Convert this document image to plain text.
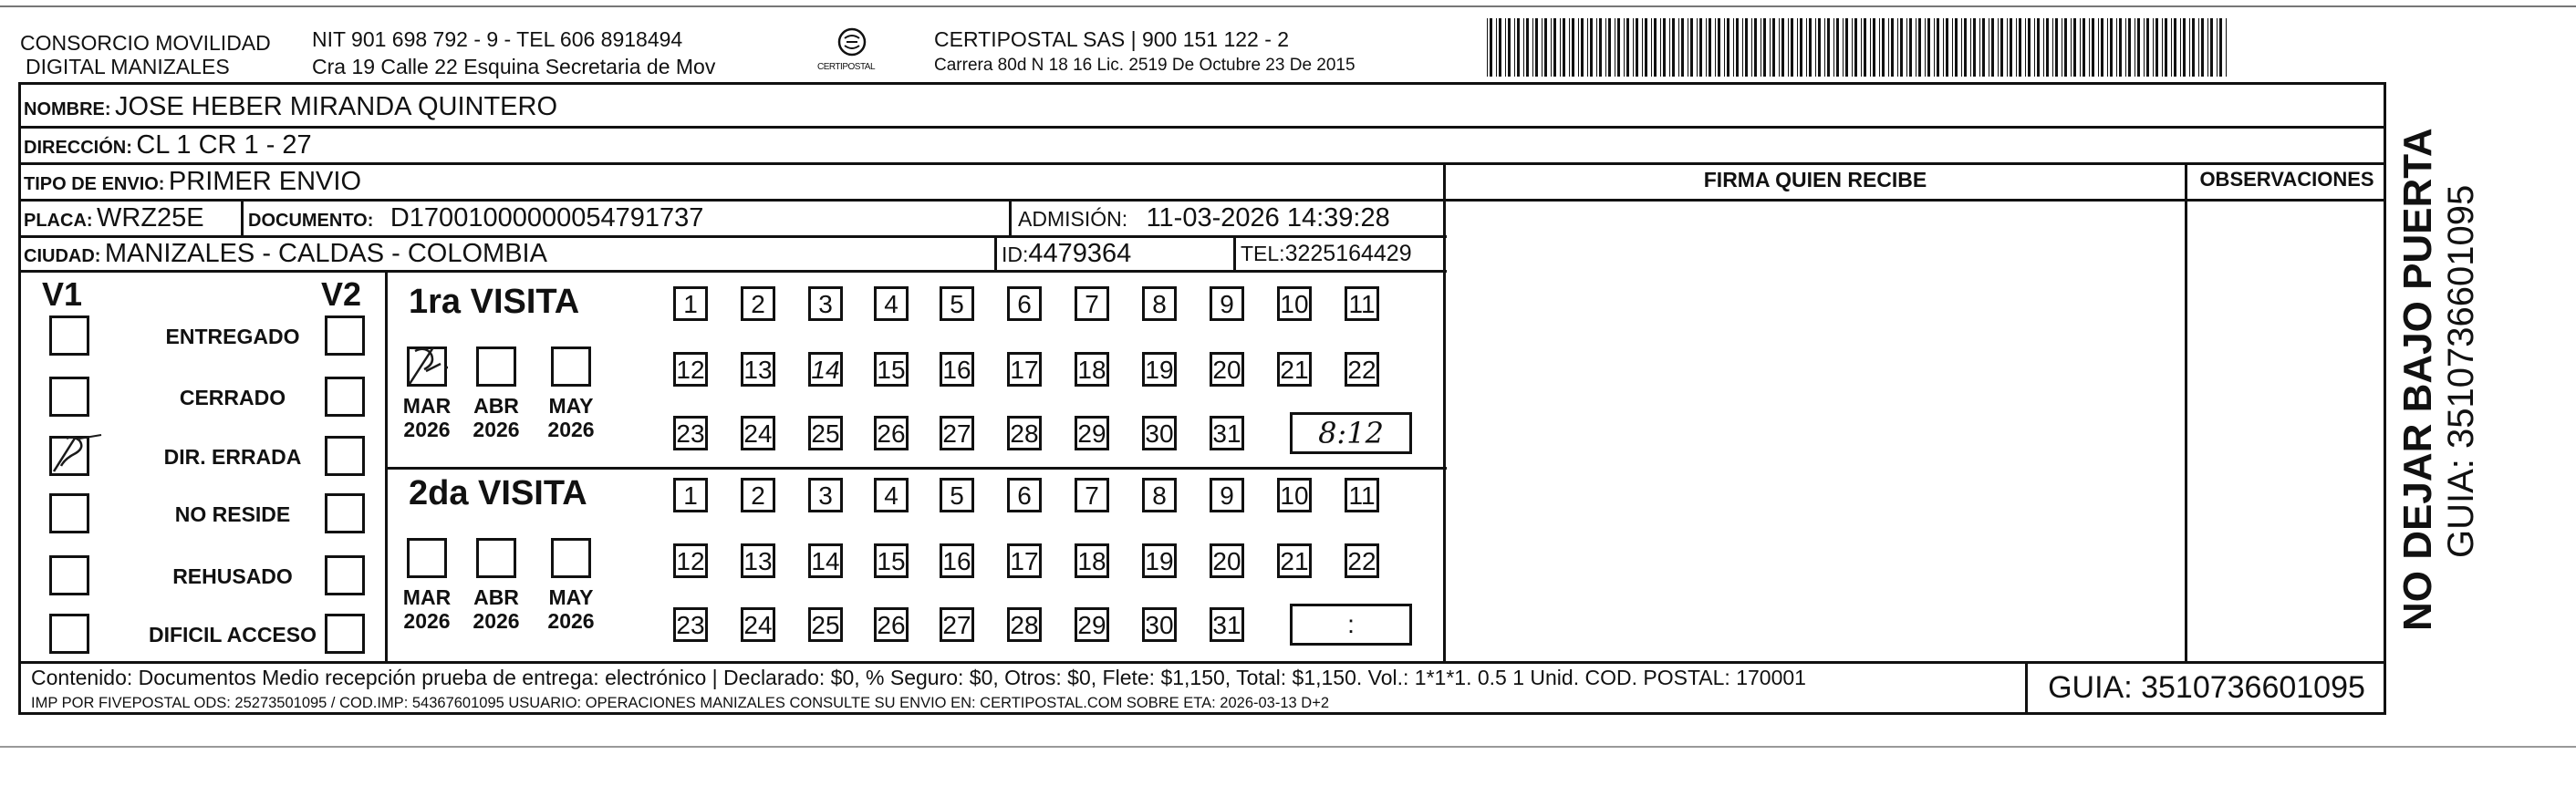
CONSORCIO MOVILIDAD
DIGITAL MANIZALES
NIT 901 698 792 - 9 - TEL 606 8918494
Cra 19 Calle 22 Esquina Secretaria de Mov	CERTIPOSTAL
CERTIPOSTAL SAS | 900 151 122 - 2
Carrera 80d N 18 16 Lic. 2519 De Octubre 23 De 2015
NOMBRE: JOSE HEBER MIRANDA QUINTERO
DIRECCIÓN: CL 1 CR 1 - 27
TIPO DE ENVIO: PRIMER ENVIO
PLACA: WRZ25E DOCUMENTO: D17001000000054791737	ADMISIÓN: 11-03-2026 14:39:28
CIUDAD: MANIZALES - CALDAS - COLOMBIA	ID:4479364	TEL:3225164429
FIRMA QUIEN RECIBE	OBSERVACIONES
V1	V2
ENTREGADO
CERRADO
DIR. ERRADA
NO RESIDE
REHUSADO
DIFICIL ACCESO
1ra VISITA
2da VISITA
MAR
2026
ABR
2026
MAY
2026
1	2	3	4	5	6	7	8	9	10 11
12 13 14 15 16 17 18 19 20 21 22
23 24 25 26 27 28 29 30 31	8:12
MAR
2026
ABR
2026
MAY
2026
1	2	3	4	5	6	7	8	9	10 11
12 13 14 15 16 17 18 19 20 21 22
23 24 25 26 27 28 29 30 31	:
Contenido: Documentos Medio recepción prueba de entrega: electrónico | Declarado: $0, % Seguro: $0, Otros: $0, Flete: $1,150, Total: $1,150. Vol.: 1*1*1. 0.5 1 Unid. COD. POSTAL: 170001
IMP POR FIVEPOSTAL ODS: 25273501095 / COD.IMP: 54367601095 USUARIO: OPERACIONES MANIZALES CONSULTE SU ENVIO EN: CERTIPOSTAL.COM SOBRE ETA: 2026-03-13 D+2	GUIA: 3510736601095
NO DEJAR BAJO PUERTA GUIA: 3510736601095
